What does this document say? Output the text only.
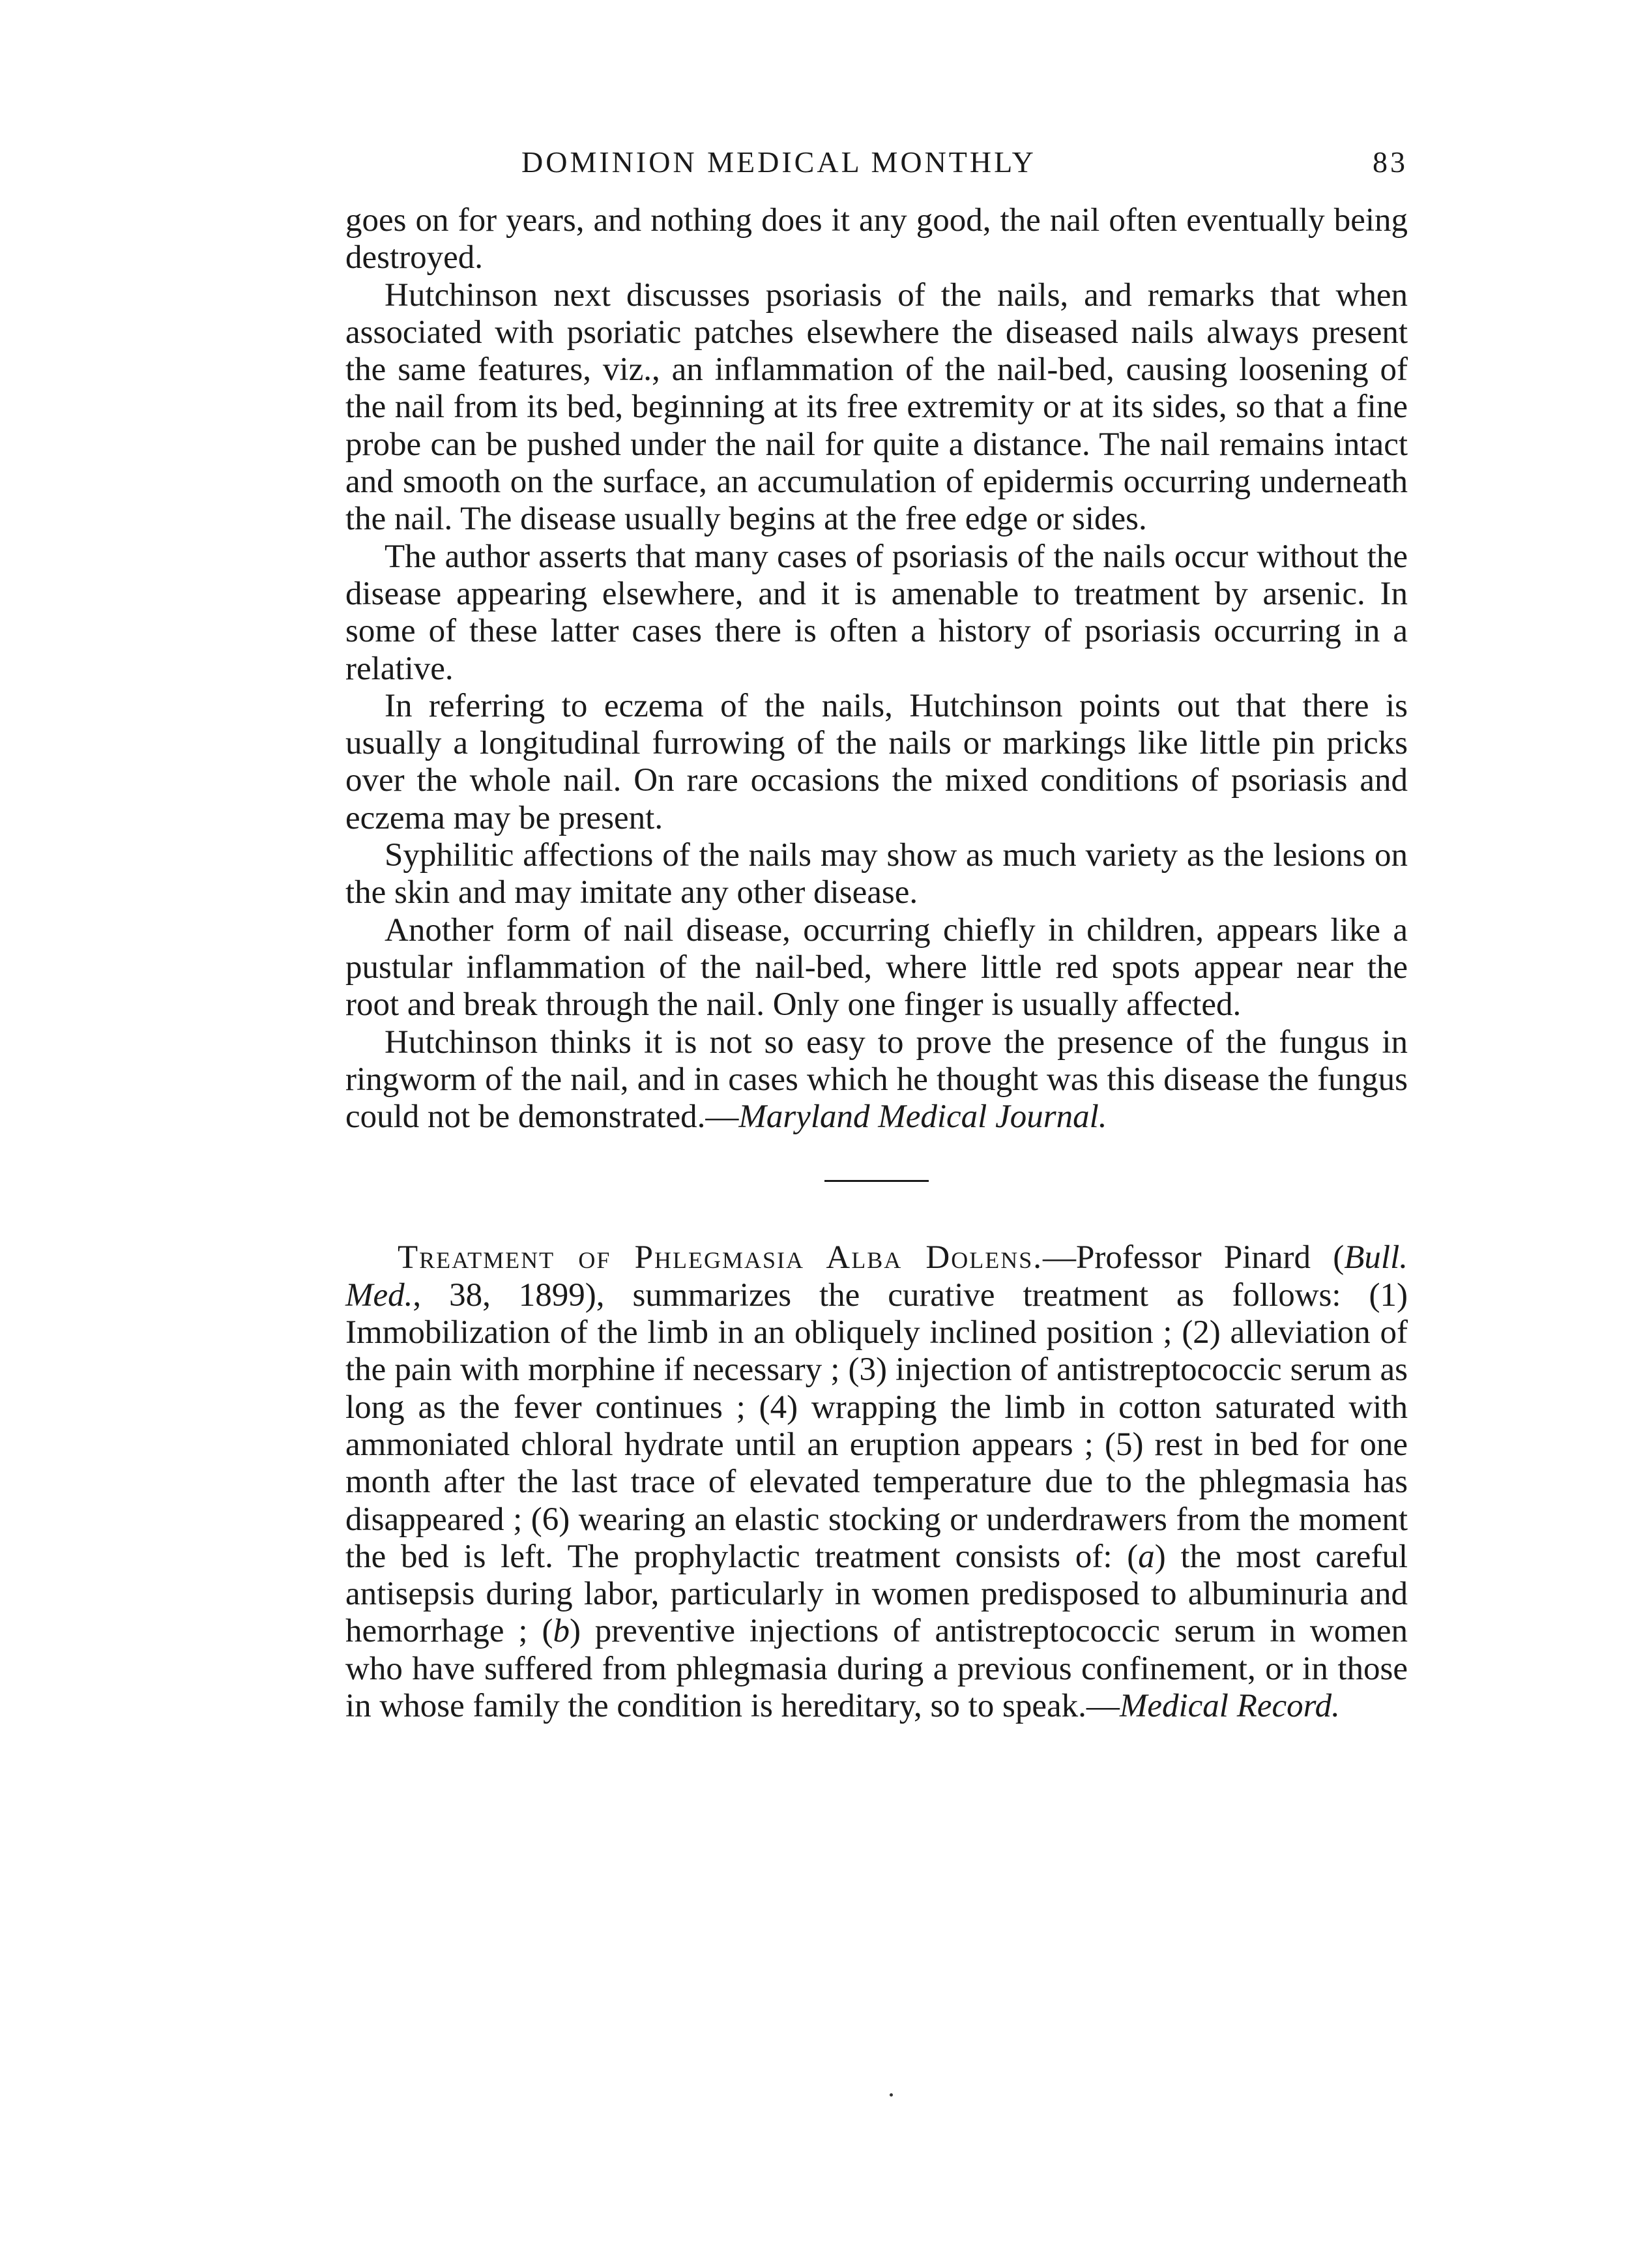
DOMINION MEDICAL MONTHLY	83

goes on for years, and nothing does it any good, the nail often eventually being destroyed.

Hutchinson next discusses psoriasis of the nails, and remarks that when associated with psoriatic patches elsewhere the diseased nails always present the same features, viz., an inflammation of the nail-bed, causing loosening of the nail from its bed, beginning at its free extremity or at its sides, so that a fine probe can be pushed under the nail for quite a distance. The nail remains intact and smooth on the surface, an accumulation of epidermis occurring underneath the nail. The disease usually begins at the free edge or sides.

The author asserts that many cases of psoriasis of the nails occur without the disease appearing elsewhere, and it is amenable to treatment by arsenic. In some of these latter cases there is often a history of psoriasis occurring in a relative.

In referring to eczema of the nails, Hutchinson points out that there is usually a longitudinal furrowing of the nails or markings like little pin pricks over the whole nail. On rare occasions the mixed conditions of psoriasis and eczema may be present.

Syphilitic affections of the nails may show as much variety as the lesions on the skin and may imitate any other disease.

Another form of nail disease, occurring chiefly in children, appears like a pustular inflammation of the nail-bed, where little red spots appear near the root and break through the nail. Only one finger is usually affected.

Hutchinson thinks it is not so easy to prove the presence of the fungus in ringworm of the nail, and in cases which he thought was this disease the fungus could not be demonstrated.—Maryland Medical Journal.

Treatment of Phlegmasia Alba Dolens.—Professor Pinard (Bull. Med., 38, 1899), summarizes the curative treatment as follows: (1) Immobilization of the limb in an obliquely inclined position ; (2) alleviation of the pain with morphine if necessary ; (3) injection of antistreptococcic serum as long as the fever continues ; (4) wrapping the limb in cotton saturated with ammoniated chloral hydrate until an eruption appears ; (5) rest in bed for one month after the last trace of elevated temperature due to the phlegmasia has disappeared ; (6) wearing an elastic stocking or underdrawers from the moment the bed is left. The prophylactic treatment consists of: (a) the most careful antisepsis during labor, particularly in women predisposed to albuminuria and hemorrhage ; (b) preventive injections of antistreptococcic serum in women who have suffered from phlegmasia during a previous confinement, or in those in whose family the condition is hereditary, so to speak.—Medical Record.
